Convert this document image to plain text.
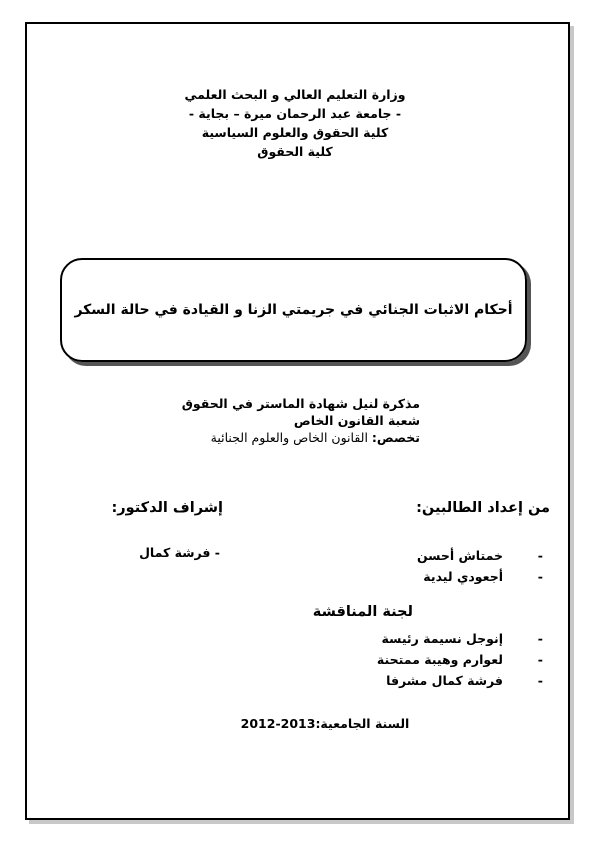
وزارة التعليم العالي و البحث العلمي
- جامعة عبد الرحمان ميرة – بجاية -
كلية الحقوق والعلوم السياسية
كلية الحقوق
أحكام الاثبات الجنائي في جريمتي الزنا و القيادة في حالة السكر
مذكرة لنيل شهادة الماستر في الحقوق
شعبة القانون الخاص
تخصص: القانون الخاص والعلوم الجنائية
من إعداد الطالبين:
إشراف الدكتور:
-
خمتاش أحسن
-
أجعودي ليدية
- فرشة كمال
لجنة المناقشة
-
إنوجل نسيمة رئيسة
-
لعوارم وهيبة ممتحنة
-
فرشة كمال مشرفا
السنة الجامعية:2012-2013
